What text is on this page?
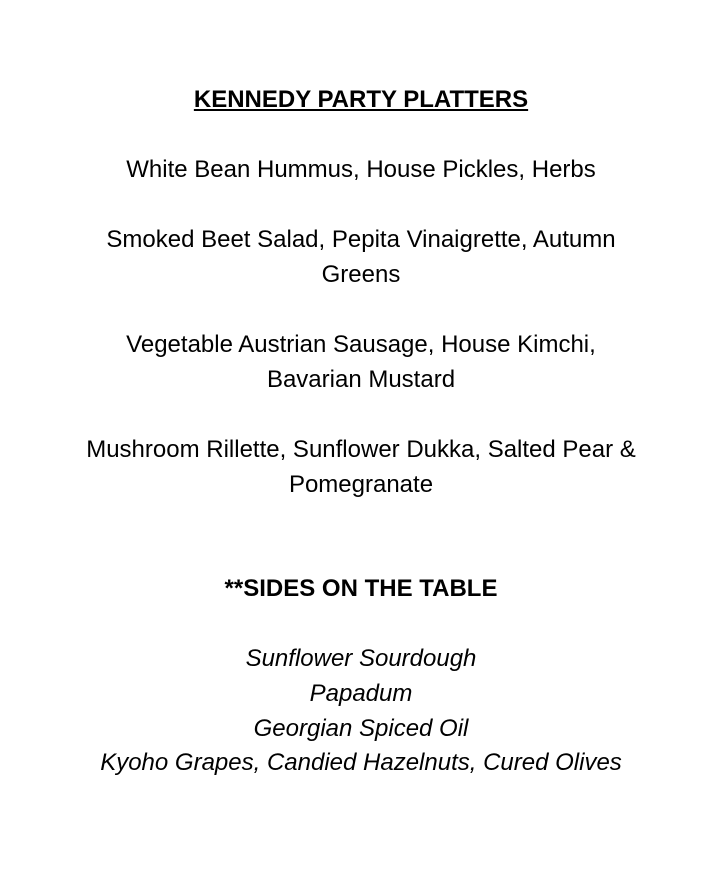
KENNEDY PARTY PLATTERS
White Bean Hummus, House Pickles, Herbs
Smoked Beet Salad, Pepita Vinaigrette, Autumn Greens
Vegetable Austrian Sausage, House Kimchi, Bavarian Mustard
Mushroom Rillette, Sunflower Dukka, Salted Pear & Pomegranate
**SIDES ON THE TABLE
Sunflower Sourdough
Papadum
Georgian Spiced Oil
Kyoho Grapes, Candied Hazelnuts, Cured Olives
